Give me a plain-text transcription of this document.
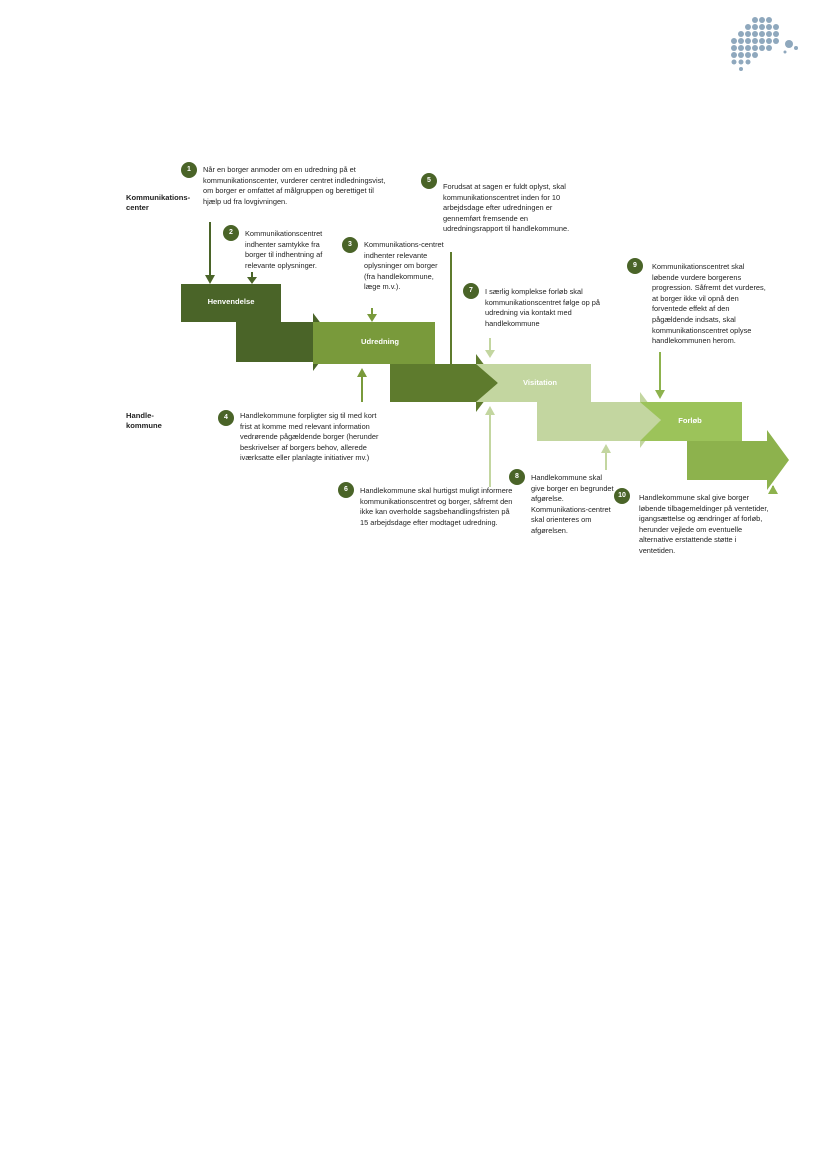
Kommunikations-
center
Handle-
kommune
Henvendelse
Udredning
Visitation
Forløb
1
2
3
4
5
6
7
8
9
10
Når en borger anmoder om en udredning på et kommunikationscenter, vurderer centret indledningsvist, om borger er omfattet af målgruppen og berettiget til hjælp ud fra lovgivningen.
Kommunikationscentret indhenter samtykke fra borger til indhentning af relevante oplysninger.
Kommunikations-centret indhenter relevante oplysninger om borger (fra handlekommune, læge m.v.).
Handlekommune forpligter sig til med kort frist at komme med relevant information vedrørende pågældende borger (herunder beskrivelser af borgers behov, allerede iværksatte eller planlagte initiativer mv.)
Forudsat at sagen er fuldt oplyst, skal kommunikationscentret inden for 10 arbejdsdage efter udredningen er gennemført fremsende en udredningsrapport til handlekommune.
Handlekommune skal hurtigst muligt informere kommunikationscentret og borger, såfremt den ikke kan overholde sagsbehandlingsfristen på 15 arbejdsdage efter modtaget udredning.
I særlig komplekse forløb skal kommunikationscentret følge op på udredning via kontakt med handlekommune
Handlekommune skal give borger en begrundet afgørelse. Kommunikations-centret skal orienteres om afgørelsen.
Kommunikationscentret skal løbende vurdere borgerens progression. Såfremt det vurderes, at borger ikke vil opnå den forventede effekt af den pågældende indsats, skal kommunikationscentret oplyse handlekommunen herom.
Handlekommune skal give borger løbende tilbagemeldinger på ventetider, igangsættelse og ændringer af forløb, herunder vejlede om eventuelle alternative erstattende støtte i ventetiden.
